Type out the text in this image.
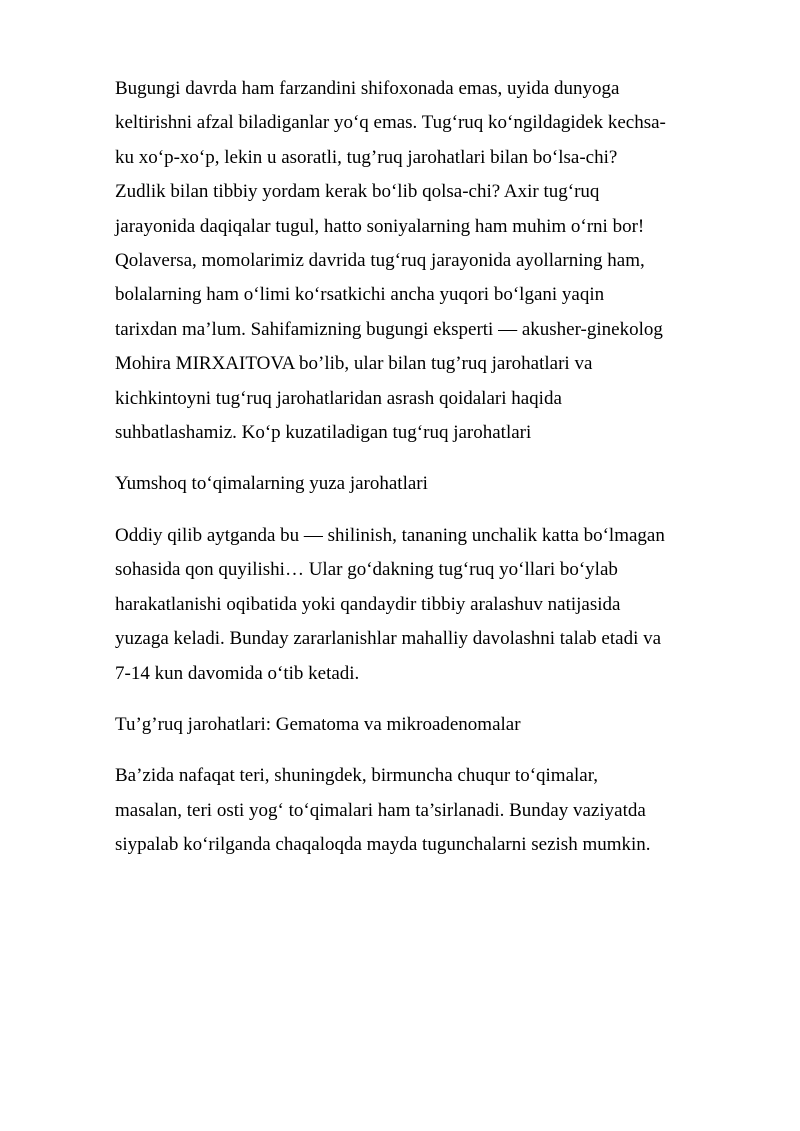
Bugungi davrda ham farzandini shifoxonada emas, uyida dunyoga
keltirishni afzal biladiganlar yo‘q emas. Tug‘ruq ko‘ngildagidek kechsa-
ku xo‘p-xo‘p, lekin u asoratli, tug’ruq jarohatlari bilan bo‘lsa-chi?
Zudlik bilan tibbiy yordam kerak bo‘lib qolsa-chi? Axir tug‘ruq
jarayonida daqiqalar tugul, hatto soniyalarning ham muhim o‘rni bor!
Qolaversa, momolarimiz davrida tug‘ruq jarayonida ayollarning ham,
bolalarning ham o‘limi ko‘rsatkichi ancha yuqori bo‘lgani yaqin
tarixdan ma’lum. Sahifamizning bugungi eksperti — akusher-ginekolog
Mohira MIRXAITOVA bo’lib, ular bilan tug’ruq jarohatlari va
kichkintoyni tug‘ruq jarohatlaridan asrash qoidalari haqida
suhbatlashamiz. Ko‘p kuzatiladigan tug‘ruq jarohatlari

Yumshoq to‘qimalarning yuza jarohatlari

Oddiy qilib aytganda bu — shilinish, tananing unchalik katta bo‘lmagan
sohasida qon quyilishi… Ular go‘dakning tug‘ruq yo‘llari bo‘ylab
harakatlanishi oqibatida yoki qandaydir tibbiy aralashuv natijasida
yuzaga keladi. Bunday zararlanishlar mahalliy davolashni talab etadi va
7-14 kun davomida o‘tib ketadi.

Tu’g’ruq jarohatlari: Gematoma va mikroadenomalar

Ba’zida nafaqat teri, shuningdek, birmuncha chuqur to‘qimalar,
masalan, teri osti yog‘ to‘qimalari ham ta’sirlanadi. Bunday vaziyatda
siypalab ko‘rilganda chaqaloqda mayda tugunchalarni sezish mumkin.
